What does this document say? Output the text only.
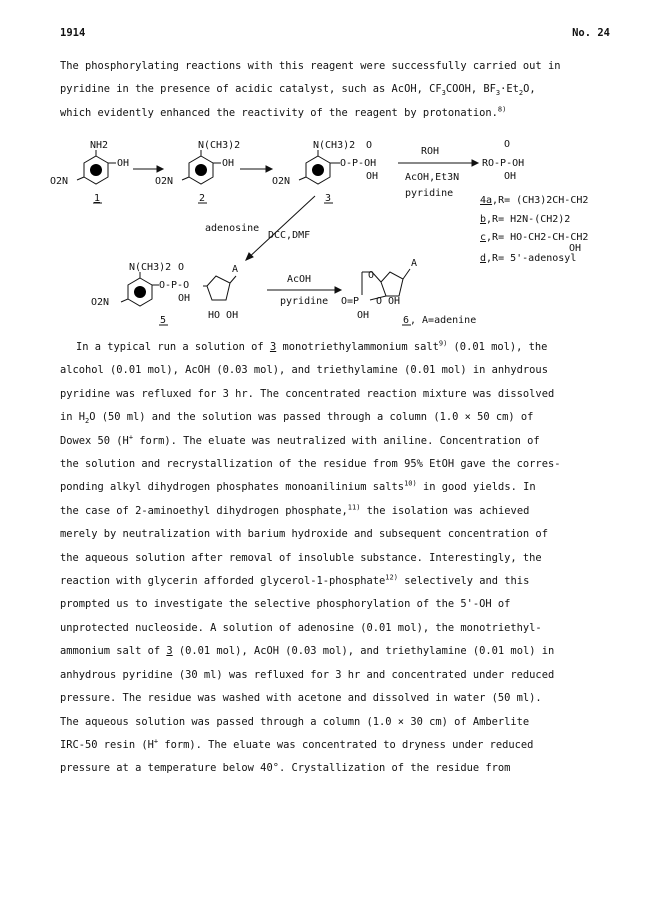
1914	No. 24

The phosphorylating reactions with this reagent were successfully carried out in
pyridine in the presence of acidic catalyst, such as AcOH, $CF_3COOH$, $BF_3\cdot Et_2O$,
which evidently enhanced the reactivity of the reagent by protonation.$^{8)}$

NH2
OH
O2N
1
N(CH3)2
OH
O2N
2
N(CH3)2 O
O-P-OH
OH
O2N
3
ROH
AcOH,Et3N
pyridine
O
RO-P-OH
OH
4a,R= (CH3)2CH-CH2
b,R= H2N-(CH2)2
c,R= HO-CH2-CH-CH2
OH
d,R= 5'-adenosyl
adenosine
DCC,DMF
N(CH3)2 O
O-P-O
OH
A
HO OH
O2N
5
AcOH
pyridine
O
A
O=P O OH
OH	6 , A=adenine

In a typical run a solution of 3 monotriethylammonium salt$^{9)}$ (0.01 mol), the
alcohol (0.01 mol), AcOH (0.03 mol), and triethylamine (0.01 mol) in anhydrous
pyridine was refluxed for 3 hr. The concentrated reaction mixture was dissolved
in $H_2O$ (50 ml) and the solution was passed through a column (1.0 × 50 cm) of
Dowex 50 (H+ form). The eluate was neutralized with aniline. Concentration of
the solution and recrystallization of the residue from 95% EtOH gave the corres-
ponding alkyl dihydrogen phosphates monoanilinium salts$^{10)}$ in good yields. In
the case of 2-aminoethyl dihydrogen phosphate,$^{11)}$ the isolation was achieved
merely by neutralization with barium hydroxide and subsequent concentration of
the aqueous solution after removal of insoluble substance. Interestingly, the
reaction with glycerin afforded glycerol-1-phosphate$^{12)}$ selectively and this
prompted us to investigate the selective phosphorylation of the 5'-OH of
unprotected nucleoside. A solution of adenosine (0.01 mol), the monotriethyl-
ammonium salt of 3 (0.01 mol), AcOH (0.03 mol), and triethylamine (0.01 mol) in
anhydrous pyridine (30 ml) was refluxed for 3 hr and concentrated under reduced
pressure. The residue was washed with acetone and dissolved in water (50 ml).
The aqueous solution was passed through a column (1.0 × 30 cm) of Amberlite
IRC-50 resin (H+ form). The eluate was concentrated to dryness under reduced
pressure at a temperature below 40°. Crystallization of the residue from
